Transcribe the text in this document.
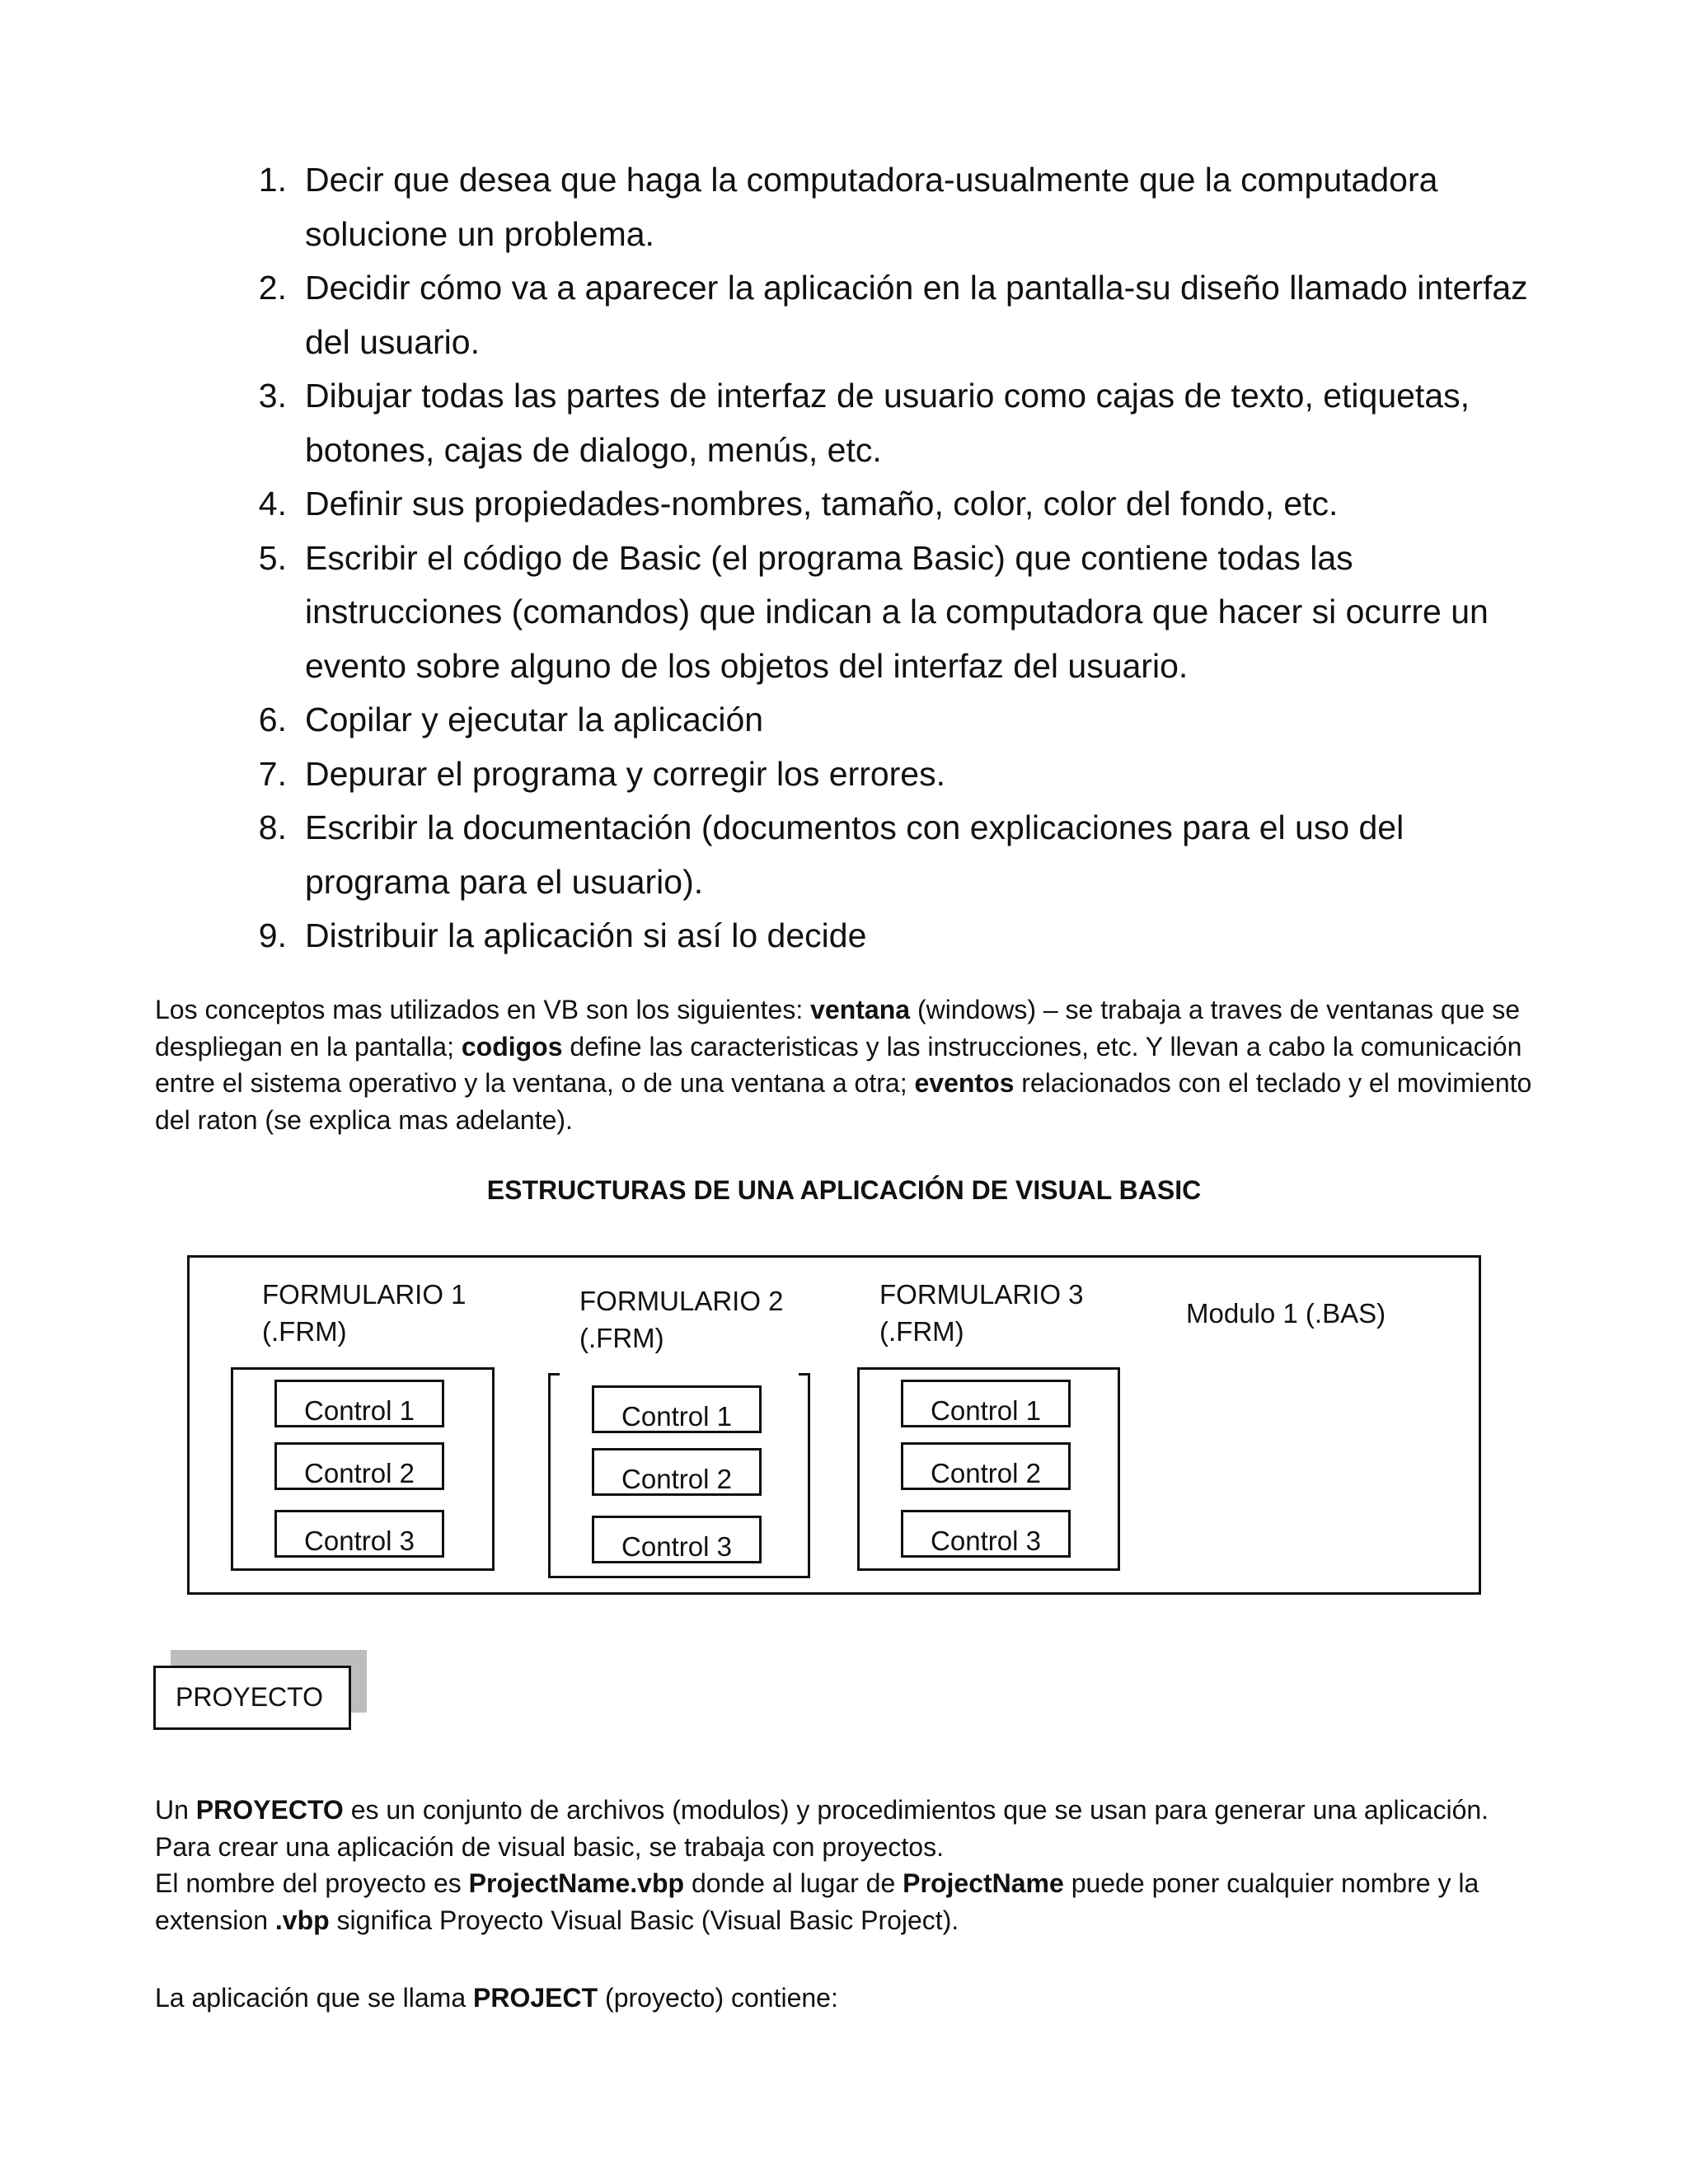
1. Decir que desea que haga la computadora-usualmente que la computadora solucione un problema.
2. Decidir cómo va a aparecer la aplicación en la pantalla-su diseño llamado interfaz del usuario.
3. Dibujar todas las partes de interfaz de usuario como cajas de texto, etiquetas, botones, cajas de dialogo, menús, etc.
4. Definir sus propiedades-nombres, tamaño, color, color del fondo, etc.
5. Escribir el código de Basic (el programa Basic) que contiene todas las instrucciones (comandos) que indican a la computadora que hacer si ocurre un evento sobre alguno de los objetos del interfaz del usuario.
6. Copilar y ejecutar la aplicación
7. Depurar el programa y corregir los errores.
8. Escribir la documentación (documentos con explicaciones para el uso del programa para el usuario).
9. Distribuir la aplicación si así lo decide

Los conceptos mas utilizados en VB son los siguientes: ventana (windows) – se trabaja a traves de ventanas que se despliegan en la pantalla; codigos define las caracteristicas y las instrucciones, etc. Y llevan a cabo la comunicación entre el sistema operativo y la ventana, o de una ventana a otra; eventos relacionados con el teclado y el movimiento del raton (se explica mas adelante).

ESTRUCTURAS DE UNA APLICACIÓN DE VISUAL BASIC

FORMULARIO 1
(.FRM)
Control 1
Control 2
Control 3
FORMULARIO 2
(.FRM)
Control 1
Control 2
Control 3
FORMULARIO 3
(.FRM)
Control 1
Control 2
Control 3
Modulo 1 (.BAS)
PROYECTO

Un PROYECTO es un conjunto de archivos (modulos) y procedimientos que se usan para generar una aplicación. Para crear una aplicación de visual basic, se trabaja con proyectos.
El nombre del proyecto es ProjectName.vbp donde al lugar de ProjectName puede poner cualquier nombre y la extension .vbp significa Proyecto Visual Basic (Visual Basic Project).

La aplicación que se llama PROJECT (proyecto) contiene:
